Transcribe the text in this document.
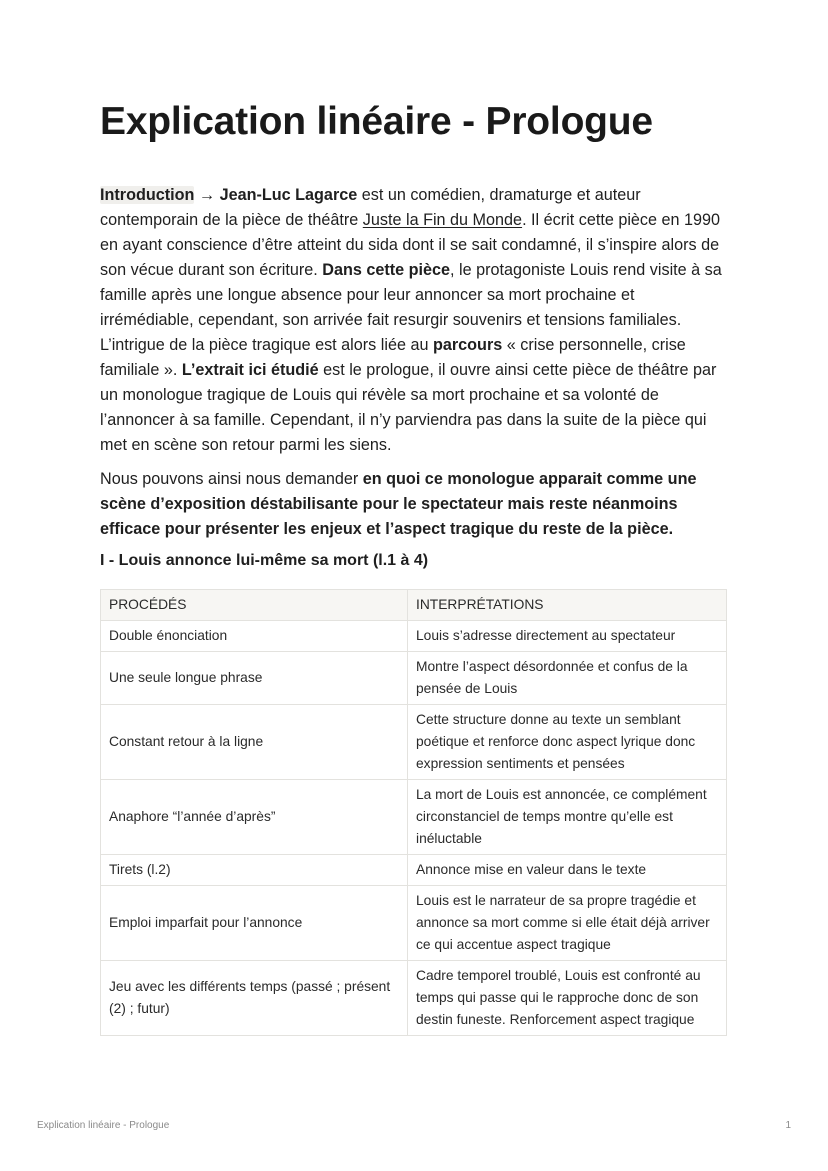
Explication linéaire - Prologue

Introduction → Jean-Luc Lagarce est un comédien, dramaturge et auteur contemporain de la pièce de théâtre Juste la Fin du Monde. Il écrit cette pièce en 1990 en ayant conscience d’être atteint du sida dont il se sait condamné, il s’inspire alors de son vécue durant son écriture. Dans cette pièce, le protagoniste Louis rend visite à sa famille après une longue absence pour leur annoncer sa mort prochaine et irrémédiable, cependant, son arrivée fait resurgir souvenirs et tensions familiales. L’intrigue de la pièce tragique est alors liée au parcours « crise personnelle, crise familiale ». L’extrait ici étudié est le prologue, il ouvre ainsi cette pièce de théâtre par un monologue tragique de Louis qui révèle sa mort prochaine et sa volonté de l’annoncer à sa famille. Cependant, il n’y parviendra pas dans la suite de la pièce qui met en scène son retour parmi les siens.

Nous pouvons ainsi nous demander en quoi ce monologue apparait comme une scène d’exposition déstabilisante pour le spectateur mais reste néanmoins efficace pour présenter les enjeux et l’aspect tragique du reste de la pièce.

I - Louis annonce lui-même sa mort (l.1 à 4)
PROCÉDÉS	INTERPRÉTATIONS
Double énonciation	Louis s’adresse directement au spectateur
Une seule longue phrase	Montre l’aspect désordonnée et confus de la pensée de Louis
Constant retour à la ligne	Cette structure donne au texte un semblant poétique et renforce donc aspect lyrique donc expression sentiments et pensées
Anaphore “l’année d’après”	La mort de Louis est annoncée, ce complément circonstanciel de temps montre qu’elle est inéluctable
Tirets (l.2)	Annonce mise en valeur dans le texte
Emploi imparfait pour l’annonce	Louis est le narrateur de sa propre tragédie et annonce sa mort comme si elle était déjà arriver ce qui accentue aspect tragique
Jeu avec les différents temps (passé ; présent (2) ; futur)	Cadre temporel troublé, Louis est confronté au temps qui passe qui le rapproche donc de son destin funeste. Renforcement aspect tragique
Explication linéaire - Prologue	1
